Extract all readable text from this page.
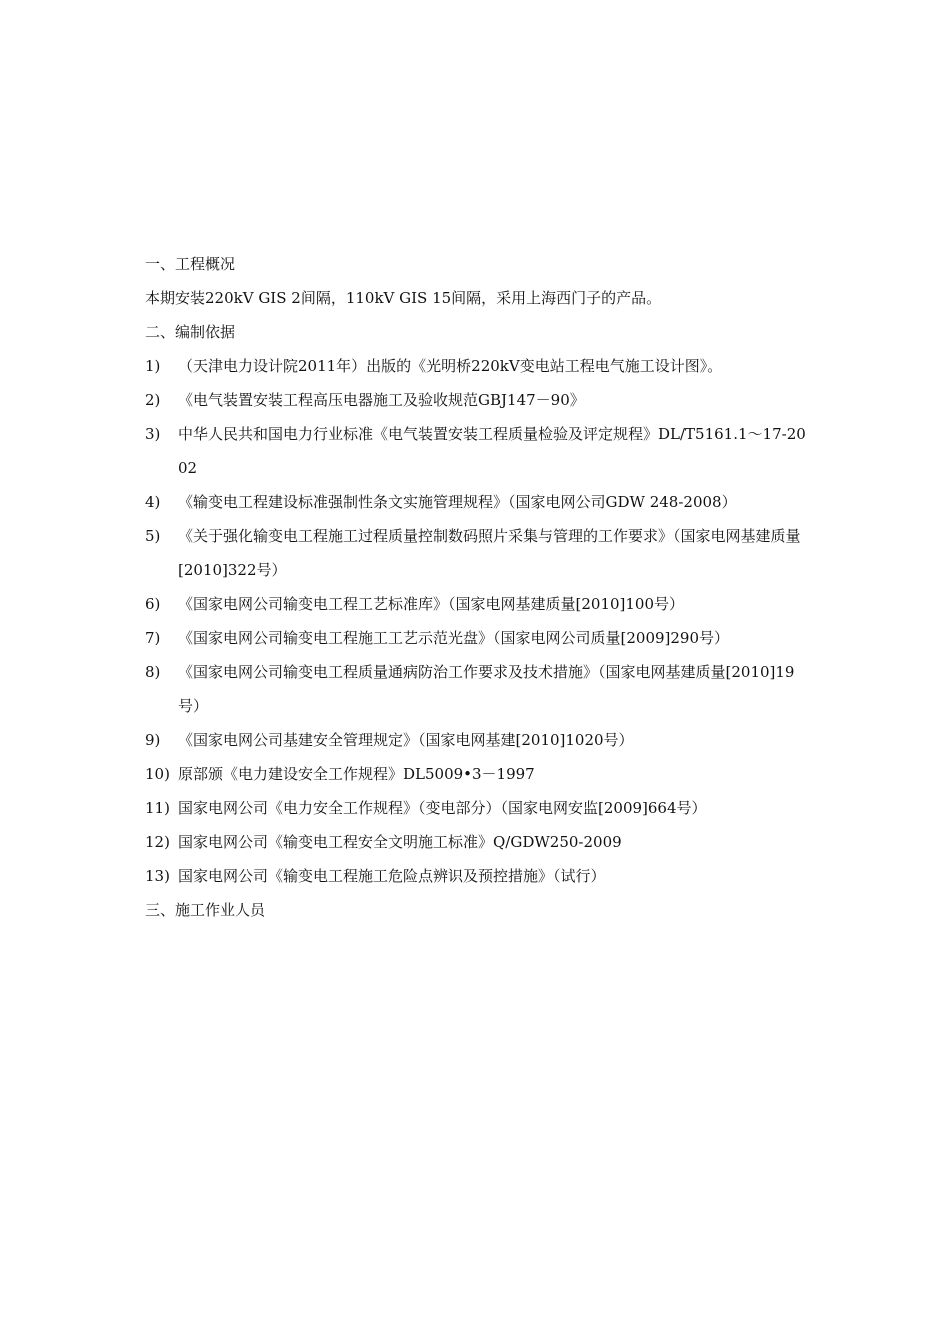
一、工程概况
本期安装220kV GIS 2间隔，110kV GIS 15间隔，采用上海西门子的产品。
二、编制依据
1)	（天津电力设计院2011年）出版的《光明桥220kV变电站工程电气施工设计图》。
2)	《电气装置安装工程高压电器施工及验收规范GBJ147－90》
3)	中华人民共和国电力行业标准《电气装置安装工程质量检验及评定规程》DL/T5161.1～17-2002
4)	《输变电工程建设标准强制性条文实施管理规程》（国家电网公司GDW 248-2008）
5)	《关于强化输变电工程施工过程质量控制数码照片采集与管理的工作要求》（国家电网基建质量[2010]322号）
6)	《国家电网公司输变电工程工艺标准库》（国家电网基建质量[2010]100号）
7)	《国家电网公司输变电工程施工工艺示范光盘》（国家电网公司质量[2009]290号）
8)	《国家电网公司输变电工程质量通病防治工作要求及技术措施》（国家电网基建质量[2010]19号）
9)	《国家电网公司基建安全管理规定》（国家电网基建[2010]1020号）
10) 原部颁《电力建设安全工作规程》DL5009•3－1997
11) 国家电网公司《电力安全工作规程》（变电部分）（国家电网安监[2009]664号）
12) 国家电网公司《输变电工程安全文明施工标准》Q/GDW250-2009
13) 国家电网公司《输变电工程施工危险点辨识及预控措施》（试行）
三、施工作业人员
